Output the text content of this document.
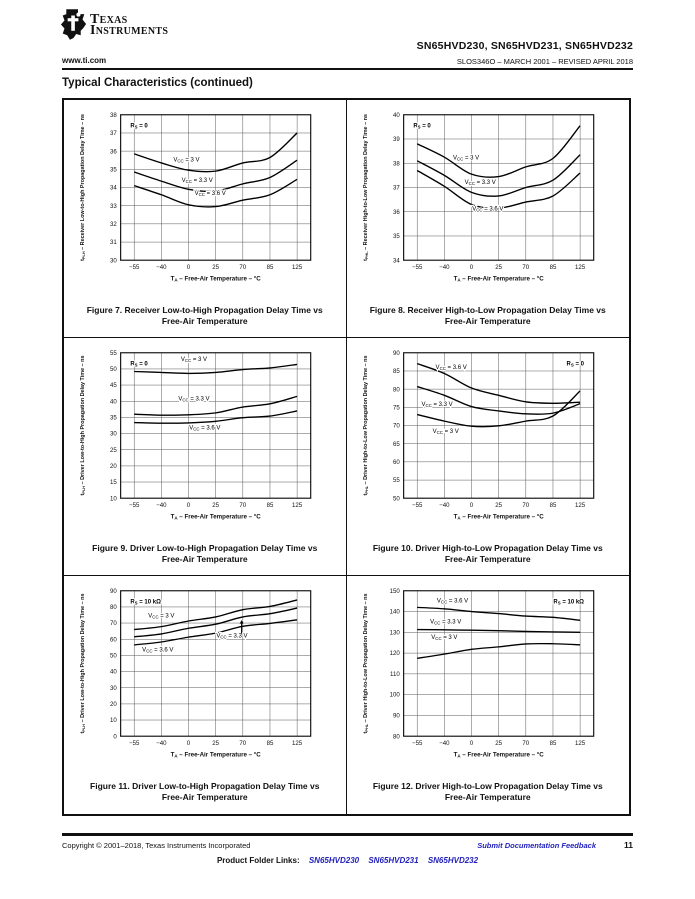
Texas
Instruments
SN65HVD230, SN65HVD231, SN65HVD232
www.ti.com	SLOS346O – MARCH 2001 – REVISED APRIL 2018
Typical Characteristics (continued)
−55	−40	0	25	70	85	125
30
31
32
33
34
35
36
37
38
VCC = 3 V
VCC = 3.3 V
VCC = 3.6 V
RS = 0
TA – Free-Air Temperature – °C
tPLH – Receiver Low-to-High Propagation Delay Time – ns
Figure 7. Receiver Low-to-High Propagation Delay Time vs
Free-Air Temperature
−55	−40	0	25	70	85	125
34
35
36
37
38
39
40
VCC = 3 V
VCC = 3.3 V
VCC = 3.6 V
RS = 0
TA – Free-Air Temperature – °C
tPHL – Receiver High-to-Low Propagation Delay Time – ns
Figure 8. Receiver High-to-Low Propagation Delay Time vs
Free-Air Temperature
−55	−40	0	25	70	85	125
10
15
20
25
30
35
40
45
50
55
VCC = 3 V
VCC = 3.3 V
VCC = 3.6 V
RS = 0
TA – Free-Air Temperature – °C
tPLH – Driver Low-to-High Propagation Delay Time – ns
Figure 9. Driver Low-to-High Propagation Delay Time vs
Free-Air Temperature
−55	−40	0	25	70	85	125
50
55
60
65
70
75
80
85
90
VCC = 3.6 V
VCC = 3.3 V
VCC = 3 V
RS = 0
TA – Free-Air Temperature – °C
tPHL – Driver High-to-Low Propagation Delay Time – ns
Figure 10. Driver High-to-Low Propagation Delay Time vs
Free-Air Temperature
−55	−40	0	25	70	85	125
0
10
20
30
40
50
60
70
80
90
VCC = 3 V
VCC = 3.3 V
VCC = 3.6 V
RS = 10 kΩ
TA – Free-Air Temperature – °C
tPLH – Driver Low-to-High Propagation Delay Time – ns
Figure 11. Driver Low-to-High Propagation Delay Time vs
Free-Air Temperature
−55	−40	0	25	70	85	125
80
90
100
110
120
130
140
150
VCC = 3.6 V
VCC = 3.3 V
VCC = 3 V
RS = 10 kΩ
TA – Free-Air Temperature – °C
tPHL – Driver High-to-Low Propagation Delay Time – ns
Figure 12. Driver High-to-Low Propagation Delay Time vs
Free-Air Temperature
Copyright © 2001–2018, Texas Instruments Incorporated	Submit Documentation Feedback	11
Product Folder Links: SN65HVD230 SN65HVD231 SN65HVD232
